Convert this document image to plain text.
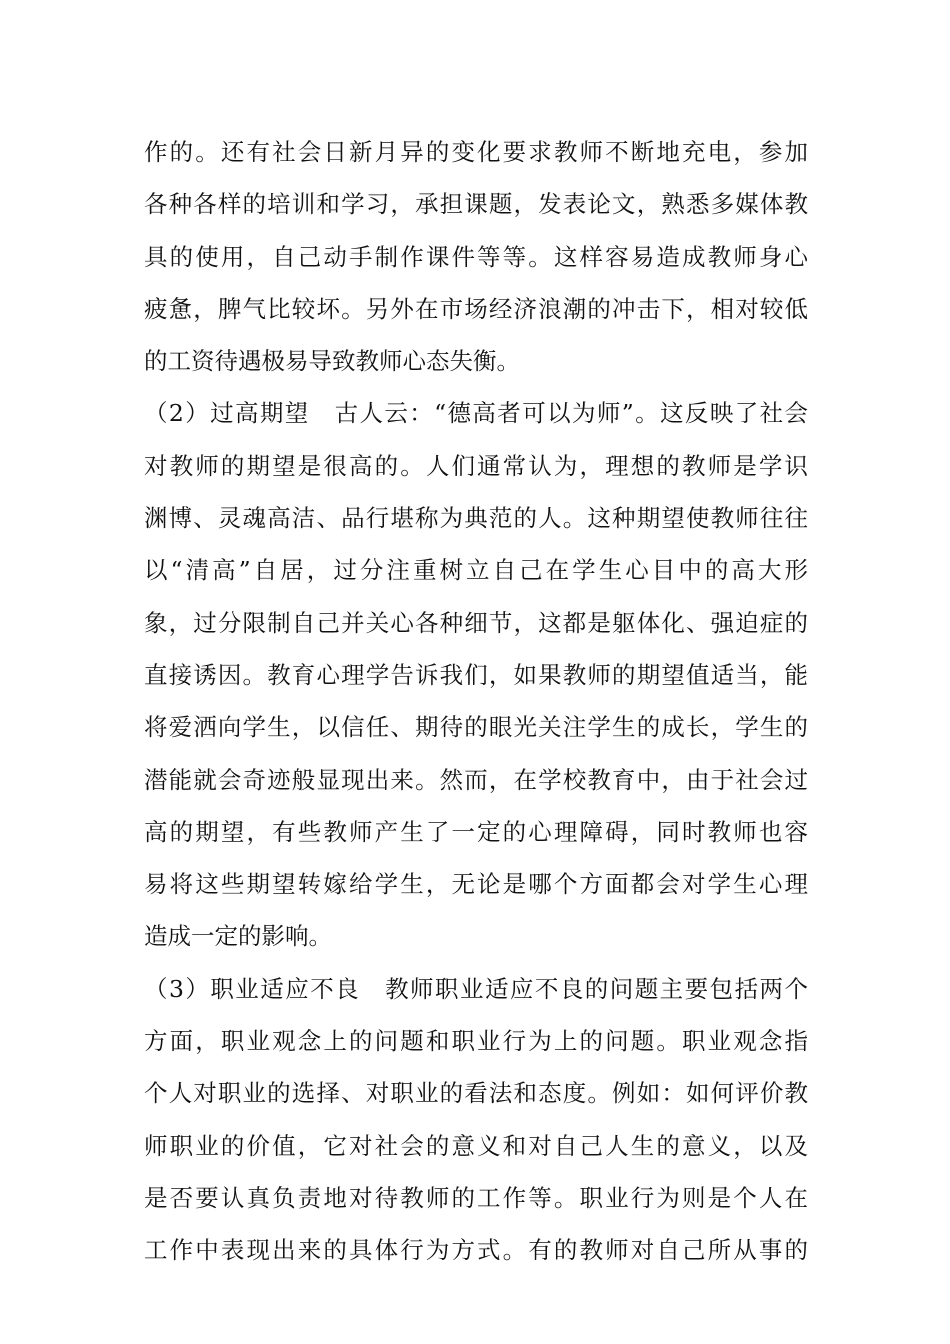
作的。还有社会日新月异的变化要求教师不断地充电，参加
各种各样的培训和学习，承担课题，发表论文，熟悉多媒体教
具的使用，自己动手制作课件等等。这样容易造成教师身心
疲惫，脾气比较坏。另外在市场经济浪潮的冲击下，相对较低
的工资待遇极易导致教师心态失衡。
（2）过高期望　古人云：“德高者可以为师”。这反映了社会
对教师的期望是很高的。人们通常认为，理想的教师是学识
渊博、灵魂高洁、品行堪称为典范的人。这种期望使教师往往
以“清高”自居，过分注重树立自己在学生心目中的高大形
象，过分限制自己并关心各种细节，这都是躯体化、强迫症的
直接诱因。教育心理学告诉我们，如果教师的期望值适当，能
将爱洒向学生，以信任、期待的眼光关注学生的成长，学生的
潜能就会奇迹般显现出来。然而，在学校教育中，由于社会过
高的期望，有些教师产生了一定的心理障碍，同时教师也容
易将这些期望转嫁给学生，无论是哪个方面都会对学生心理
造成一定的影响。
（3）职业适应不良　教师职业适应不良的问题主要包括两个
方面，职业观念上的问题和职业行为上的问题。职业观念指
个人对职业的选择、对职业的看法和态度。例如：如何评价教
师职业的价值，它对社会的意义和对自己人生的意义，以及
是否要认真负责地对待教师的工作等。职业行为则是个人在
工作中表现出来的具体行为方式。有的教师对自己所从事的
